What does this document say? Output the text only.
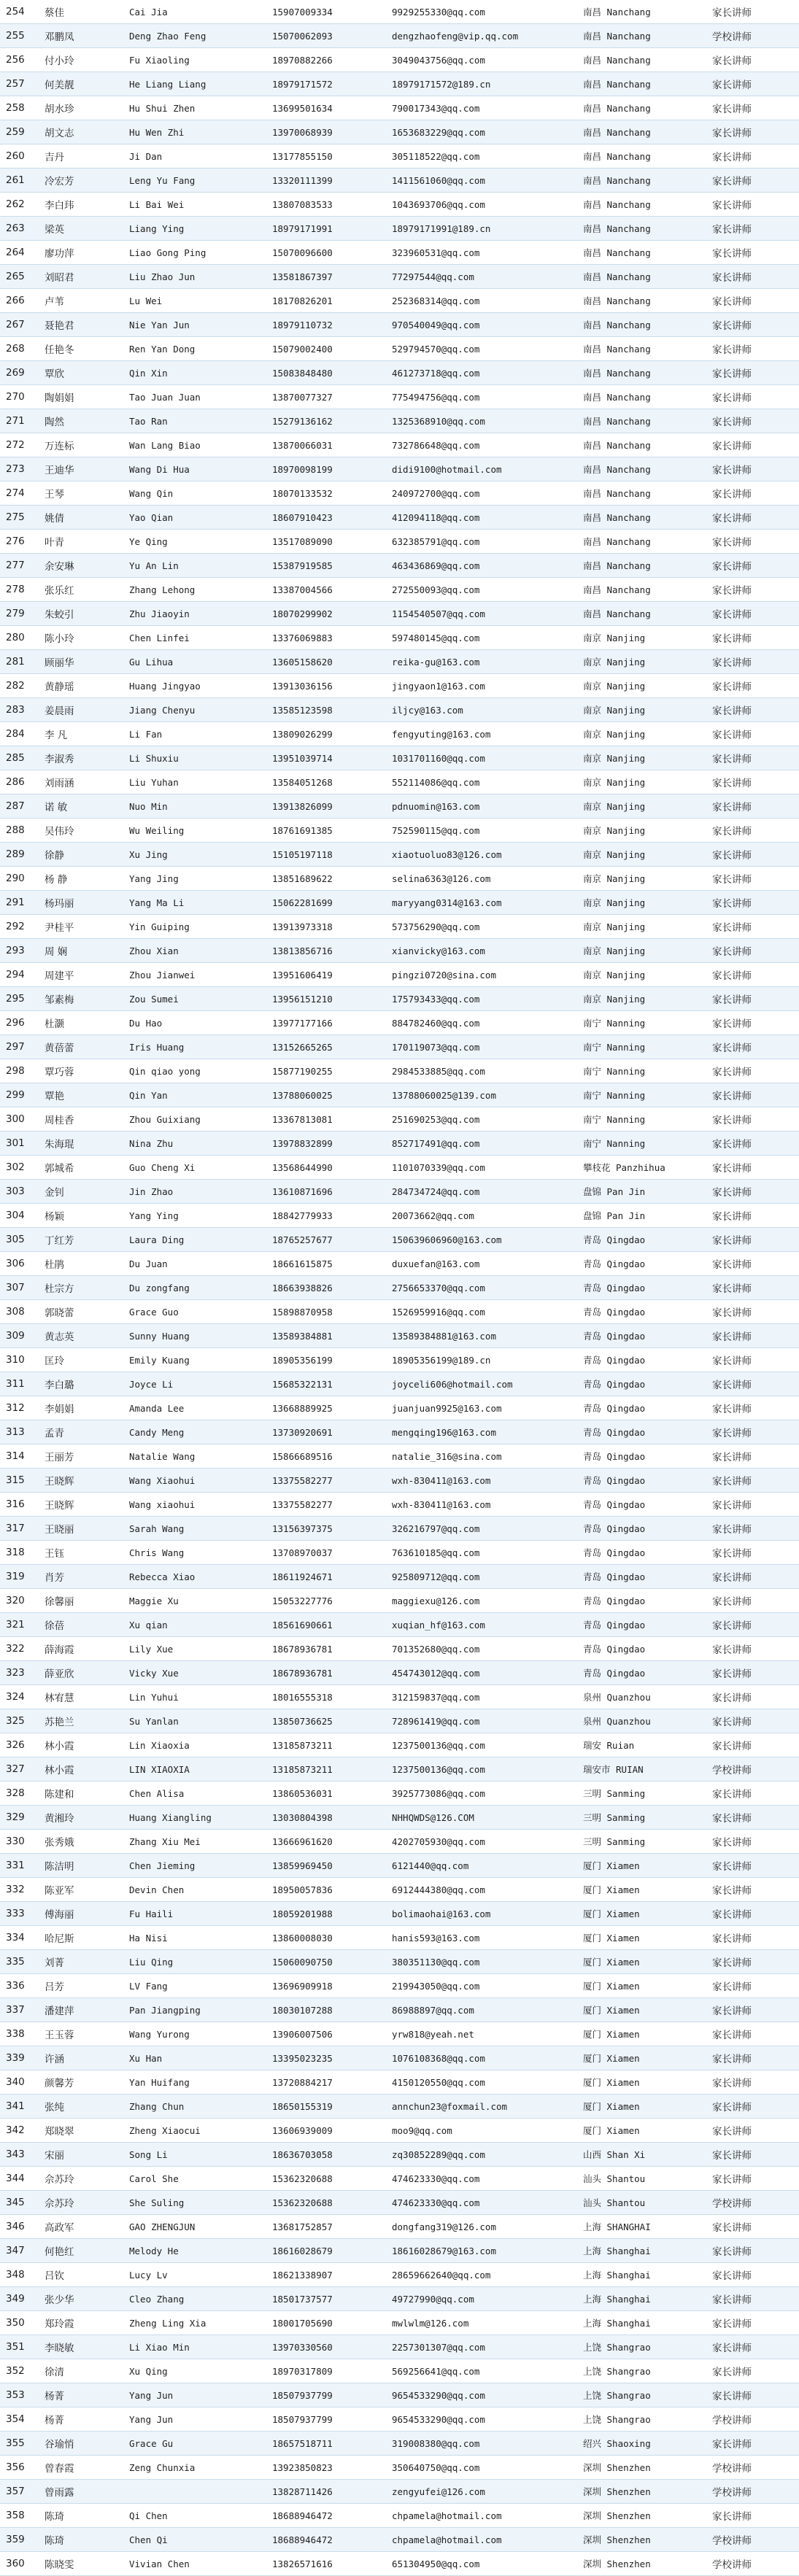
254	蔡佳	Cai Jia	15907009334	9929255330@qq.com	南昌 Nanchang	家长讲师
255	邓鹏凤	Deng Zhao Feng	15070062093	dengzhaofeng@vip.qq.com	南昌 Nanchang	学校讲师
256	付小玲	Fu Xiaoling	18970882266	3049043756@qq.com	南昌 Nanchang	家长讲师
257	何美靓	He Liang Liang	18979171572	18979171572@189.cn	南昌 Nanchang	家长讲师
258	胡水珍	Hu Shui Zhen	13699501634	790017343@qq.com	南昌 Nanchang	家长讲师
259	胡文志	Hu Wen Zhi	13970068939	1653683229@qq.com	南昌 Nanchang	家长讲师
260	吉丹	Ji Dan	13177855150	305118522@qq.com	南昌 Nanchang	家长讲师
261	冷宏芳	Leng Yu Fang	13320111399	1411561060@qq.com	南昌 Nanchang	家长讲师
262	李白玮	Li Bai Wei	13807083533	1043693706@qq.com	南昌 Nanchang	家长讲师
263	梁英	Liang Ying	18979171991	18979171991@189.cn	南昌 Nanchang	家长讲师
264	廖功萍	Liao Gong Ping	15070096600	323960531@qq.com	南昌 Nanchang	家长讲师
265	刘昭君	Liu Zhao Jun	13581867397	77297544@qq.com	南昌 Nanchang	家长讲师
266	卢苇	Lu Wei	18170826201	252368314@qq.com	南昌 Nanchang	家长讲师
267	聂艳君	Nie Yan Jun	18979110732	970540049@qq.com	南昌 Nanchang	家长讲师
268	任艳冬	Ren Yan Dong	15079002400	529794570@qq.com	南昌 Nanchang	家长讲师
269	覃欣	Qin Xin	15083848480	461273718@qq.com	南昌 Nanchang	家长讲师
270	陶娟娟	Tao Juan Juan	13870077327	775494756@qq.com	南昌 Nanchang	家长讲师
271	陶然	Tao Ran	15279136162	1325368910@qq.com	南昌 Nanchang	家长讲师
272	万连标	Wan Lang Biao	13870066031	732786648@qq.com	南昌 Nanchang	家长讲师
273	王迪华	Wang Di Hua	18970098199	didi9100@hotmail.com	南昌 Nanchang	家长讲师
274	王琴	Wang Qin	18070133532	240972700@qq.com	南昌 Nanchang	家长讲师
275	姚倩	Yao Qian	18607910423	412094118@qq.com	南昌 Nanchang	家长讲师
276	叶青	Ye Qing	13517089090	632385791@qq.com	南昌 Nanchang	家长讲师
277	余安琳	Yu An Lin	15387919585	463436869@qq.com	南昌 Nanchang	家长讲师
278	张乐红	Zhang Lehong	13387004566	272550093@qq.com	南昌 Nanchang	家长讲师
279	朱蛟引	Zhu Jiaoyin	18070299902	1154540507@qq.com	南昌 Nanchang	家长讲师
280	陈小玲	Chen Linfei	13376069883	597480145@qq.com	南京 Nanjing	家长讲师
281	顾丽华	Gu Lihua	13605158620	reika-gu@163.com	南京 Nanjing	家长讲师
282	黄静瑶	Huang Jingyao	13913036156	jingyaon1@163.com	南京 Nanjing	家长讲师
283	姜晨雨	Jiang Chenyu	13585123598	iljcy@163.com	南京 Nanjing	家长讲师
284	李 凡	Li Fan	13809026299	fengyuting@163.com	南京 Nanjing	家长讲师
285	李淑秀	Li Shuxiu	13951039714	1031701160@qq.com	南京 Nanjing	家长讲师
286	刘雨涵	Liu Yuhan	13584051268	552114086@qq.com	南京 Nanjing	家长讲师
287	诺 敏	Nuo Min	13913826099	pdnuomin@163.com	南京 Nanjing	家长讲师
288	吴伟玲	Wu Weiling	18761691385	752590115@qq.com	南京 Nanjing	家长讲师
289	徐静	Xu Jing	15105197118	xiaotuoluo83@126.com	南京 Nanjing	家长讲师
290	杨 静	Yang Jing	13851689622	selina6363@126.com	南京 Nanjing	家长讲师
291	杨玛丽	Yang Ma Li	15062281699	maryyang0314@163.com	南京 Nanjing	家长讲师
292	尹桂平	Yin Guiping	13913973318	573756290@qq.com	南京 Nanjing	家长讲师
293	周 娴	Zhou Xian	13813856716	xianvicky@163.com	南京 Nanjing	家长讲师
294	周建平	Zhou Jianwei	13951606419	pingzi0720@sina.com	南京 Nanjing	家长讲师
295	邹素梅	Zou Sumei	13956151210	175793433@qq.com	南京 Nanjing	家长讲师
296	杜灏	Du Hao	13977177166	884782460@qq.com	南宁 Nanning	家长讲师
297	黄蓓蕾	Iris Huang	13152665265	170119073@qq.com	南宁 Nanning	家长讲师
298	覃巧蓉	Qin qiao yong	15877190255	2984533885@qq.com	南宁 Nanning	家长讲师
299	覃艳	Qin Yan	13788060025	13788060025@139.com	南宁 Nanning	家长讲师
300	周桂香	Zhou Guixiang	13367813081	251690253@qq.com	南宁 Nanning	家长讲师
301	朱海琨	Nina Zhu	13978832899	852717491@qq.com	南宁 Nanning	家长讲师
302	郭城希	Guo Cheng Xi	13568644990	1101070339@qq.com	攀枝花 Panzhihua	家长讲师
303	金钊	Jin Zhao	13610871696	284734724@qq.com	盘锦 Pan Jin	家长讲师
304	杨颖	Yang Ying	18842779933	20073662@qq.com	盘锦 Pan Jin	家长讲师
305	丁红芳	Laura Ding	18765257677	150639606960@163.com	青岛 Qingdao	家长讲师
306	杜鹃	Du Juan	18661615875	duxuefan@163.com	青岛 Qingdao	家长讲师
307	杜宗方	Du zongfang	18663938826	2756653370@qq.com	青岛 Qingdao	家长讲师
308	郭晓蕾	Grace Guo	15898870958	1526959916@qq.com	青岛 Qingdao	家长讲师
309	黄志英	Sunny Huang	13589384881	13589384881@163.com	青岛 Qingdao	家长讲师
310	匡玲	Emily Kuang	18905356199	18905356199@189.cn	青岛 Qingdao	家长讲师
311	李白璐	Joyce Li	15685322131	joyceli606@hotmail.com	青岛 Qingdao	家长讲师
312	李娟娟	Amanda Lee	13668889925	juanjuan9925@163.com	青岛 Qingdao	家长讲师
313	孟青	Candy Meng	13730920691	mengqing196@163.com	青岛 Qingdao	家长讲师
314	王丽芳	Natalie Wang	15866689516	natalie_316@sina.com	青岛 Qingdao	家长讲师
315	王晓辉	Wang Xiaohui	13375582277	wxh-830411@163.com	青岛 Qingdao	家长讲师
316	王晓辉	Wang xiaohui	13375582277	wxh-830411@163.com	青岛 Qingdao	家长讲师
317	王晓丽	Sarah Wang	13156397375	326216797@qq.com	青岛 Qingdao	家长讲师
318	王钰	Chris Wang	13708970037	763610185@qq.com	青岛 Qingdao	家长讲师
319	肖芳	Rebecca Xiao	18611924671	925809712@qq.com	青岛 Qingdao	家长讲师
320	徐馨丽	Maggie Xu	15053227776	maggiexu@126.com	青岛 Qingdao	家长讲师
321	徐蓓	Xu qian	18561690661	xuqian_hf@163.com	青岛 Qingdao	家长讲师
322	薛海霞	Lily Xue	18678936781	701352680@qq.com	青岛 Qingdao	家长讲师
323	薛亚欣	Vicky Xue	18678936781	454743012@qq.com	青岛 Qingdao	家长讲师
324	林宥慧	Lin Yuhui	18016555318	312159837@qq.com	泉州 Quanzhou	家长讲师
325	苏艳兰	Su Yanlan	13850736625	728961419@qq.com	泉州 Quanzhou	家长讲师
326	林小霞	Lin Xiaoxia	13185873211	1237500136@qq.com	瑞安 Ruian	家长讲师
327	林小霞	LIN XIAOXIA	13185873211	1237500136@qq.com	瑞安市 RUIAN	学校讲师
328	陈建和	Chen Alisa	13860536031	3925773086@qq.com	三明 Sanming	家长讲师
329	黄湘玲	Huang Xiangling	13030804398	NHHQWDS@126.COM	三明 Sanming	家长讲师
330	张秀娥	Zhang Xiu Mei	13666961620	4202705930@qq.com	三明 Sanming	家长讲师
331	陈洁明	Chen Jieming	13859969450	6121440@qq.com	厦门 Xiamen	家长讲师
332	陈亚军	Devin Chen	18950057836	6912444380@qq.com	厦门 Xiamen	家长讲师
333	傅海丽	Fu Haili	18059201988	bolimaohai@163.com	厦门 Xiamen	家长讲师
334	哈尼斯	Ha Nisi	13860008030	hanis593@163.com	厦门 Xiamen	家长讲师
335	刘菁	Liu Qing	15060090750	380351130@qq.com	厦门 Xiamen	家长讲师
336	吕芳	LV Fang	13696909918	219943050@qq.com	厦门 Xiamen	家长讲师
337	潘建萍	Pan Jiangping	18030107288	86988897@qq.com	厦门 Xiamen	家长讲师
338	王玉蓉	Wang Yurong	13906007506	yrw818@yeah.net	厦门 Xiamen	家长讲师
339	许涵	Xu Han	13395023235	1076108368@qq.com	厦门 Xiamen	家长讲师
340	颜馨芳	Yan Huifang	13720884217	4150120550@qq.com	厦门 Xiamen	家长讲师
341	张纯	Zhang Chun	18650155319	annchun23@foxmail.com	厦门 Xiamen	家长讲师
342	郑晓翠	Zheng Xiaocui	13606939009	moo9@qq.com	厦门 Xiamen	家长讲师
343	宋丽	Song Li	18636703058	zq30852289@qq.com	山西 Shan Xi	家长讲师
344	佘苏玲	Carol She	15362320688	474623330@qq.com	汕头 Shantou	家长讲师
345	佘苏玲	She Suling	15362320688	474623330@qq.com	汕头 Shantou	学校讲师
346	高政军	GAO ZHENGJUN	13681752857	dongfang319@126.com	上海 SHANGHAI	家长讲师
347	何艳红	Melody He	18616028679	18616028679@163.com	上海 Shanghai	家长讲师
348	吕钦	Lucy Lv	18621338907	28659662640@qq.com	上海 Shanghai	家长讲师
349	张少华	Cleo Zhang	18501737577	49727990@qq.com	上海 Shanghai	家长讲师
350	郑玲霞	Zheng Ling Xia	18001705690	mwlwlm@126.com	上海 Shanghai	家长讲师
351	李晓敏	Li Xiao Min	13970330560	2257301307@qq.com	上饶 Shangrao	家长讲师
352	徐清	Xu Qing	18970317809	569256641@qq.com	上饶 Shangrao	家长讲师
353	杨菁	Yang Jun	18507937799	9654533290@qq.com	上饶 Shangrao	家长讲师
354	杨菁	Yang Jun	18507937799	9654533290@qq.com	上饶 Shangrao	学校讲师
355	谷瑜悄	Grace Gu	18657518711	319008380@qq.com	绍兴 Shaoxing	家长讲师
356	曾春霞	Zeng Chunxia	13923850823	350640750@qq.com	深圳 Shenzhen	学校讲师
357	曾雨露		13828711426	zengyufei@126.com	深圳 Shenzhen	学校讲师
358	陈琦	Qi Chen	18688946472	chpamela@hotmail.com	深圳 Shenzhen	家长讲师
359	陈琦	Chen Qi	18688946472	chpamela@hotmail.com	深圳 Shenzhen	学校讲师
360	陈晓雯	Vivian Chen	13826571616	651304950@qq.com	深圳 Shenzhen	学校讲师
